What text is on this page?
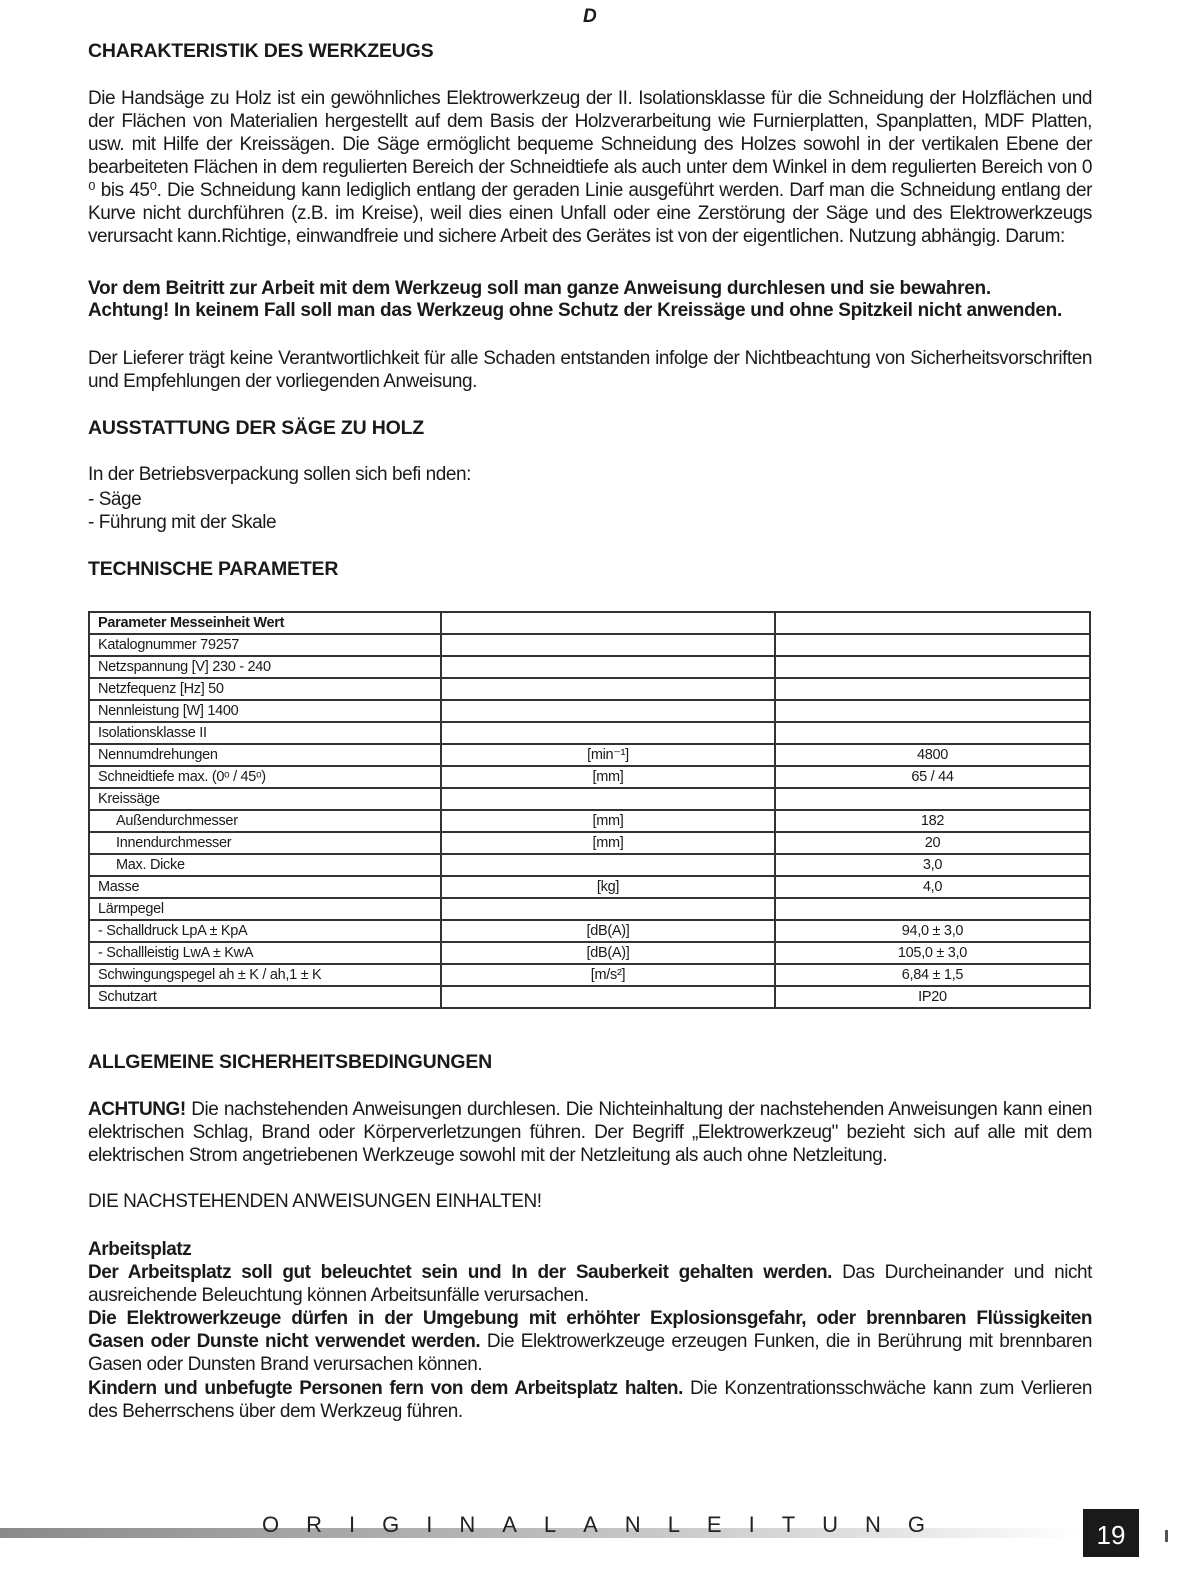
D
CHARAKTERISTIK DES WERKZEUGS

Die Handsäge zu Holz ist ein gewöhnliches Elektrowerkzeug der II. Isolationsklasse für die Schneidung der Holzflächen und der Flächen von Materialien hergestellt auf dem Basis der Holzverarbeitung wie Furnierplatten, Spanplatten, MDF Platten, usw. mit Hilfe der Kreissägen. Die Säge ermöglicht bequeme Schneidung des Holzes sowohl in der vertikalen Ebene der bearbeiteten Flächen in dem regulierten Bereich der Schneidtiefe als auch unter dem Winkel in dem regulierten Bereich von 0 ⁰ bis 45⁰. Die Schneidung kann lediglich entlang der geraden Linie ausgeführt werden. Darf man die Schneidung entlang der Kurve nicht durchführen (z.B. im Kreise), weil dies einen Unfall oder eine Zerstörung der Säge und des Elektrowerkzeugs verursacht kann.Richtige, einwandfreie und sichere Arbeit des Gerätes ist von der eigentlichen. Nutzung abhängig. Darum:

Vor dem Beitritt zur Arbeit mit dem Werkzeug soll man ganze Anweisung durchlesen und sie bewahren.

Achtung! In keinem Fall soll man das Werkzeug ohne Schutz der Kreissäge und ohne Spitzkeil nicht anwenden.

Der Lieferer trägt keine Verantwortlichkeit für alle Schaden entstanden infolge der Nichtbeachtung von Sicherheitsvorschriften und Empfehlungen der vorliegenden Anweisung.

AUSSTATTUNG DER SÄGE ZU HOLZ

In der Betriebsverpackung sollen sich befi nden:

- Säge

- Führung mit der Skale

TECHNISCHE PARAMETER
Parameter Messeinheit Wert		
Katalognummer 79257		
Netzspannung [V] 230 - 240		
Netzfequenz [Hz] 50		
Nennleistung [W] 1400		
Isolationsklasse II		
Nennumdrehungen	[min⁻¹]	4800
Schneidtiefe max. (0ᵒ / 45ᵒ)	[mm]	65 / 44
Kreissäge		
Außendurchmesser	[mm]	182
Innendurchmesser	[mm]	20
Max. Dicke		3,0
Masse	[kg]	4,0
Lärmpegel		
- Schalldruck LpA ± KpA	[dB(A)]	94,0 ± 3,0
- Schallleistig LwA ± KwA	[dB(A)]	105,0 ± 3,0
Schwingungspegel ah ± K / ah,1 ± K	[m/s²]	6,84 ± 1,5
Schutzart		IP20
ALLGEMEINE SICHERHEITSBEDINGUNGEN

ACHTUNG! Die nachstehenden Anweisungen durchlesen. Die Nichteinhaltung der nachstehenden Anweisungen kann einen elektrischen Schlag, Brand oder Körperverletzungen führen. Der Begriff „Elektrowerkzeug" bezieht sich auf alle mit dem elektrischen Strom angetriebenen Werkzeuge sowohl mit der Netzleitung als auch ohne Netzleitung.

DIE NACHSTEHENDEN ANWEISUNGEN EINHALTEN!

Arbeitsplatz

Der Arbeitsplatz soll gut beleuchtet sein und In der Sauberkeit gehalten werden. Das Durcheinander und nicht ausreichende Beleuchtung können Arbeitsunfälle verursachen.

Die Elektrowerkzeuge dürfen in der Umgebung mit erhöhter Explosionsgefahr, oder brennbaren Flüssigkeiten Gasen oder Dunste nicht verwendet werden. Die Elektrowerkzeuge erzeugen Funken, die in Berührung mit brennbaren Gasen oder Dunsten Brand verursachen können.

Kindern und unbefugte Personen fern von dem Arbeitsplatz halten. Die Konzentrationsschwäche kann zum Verlieren des Beherrschens über dem Werkzeug führen.

ORIGINALANLEITUNG	19
